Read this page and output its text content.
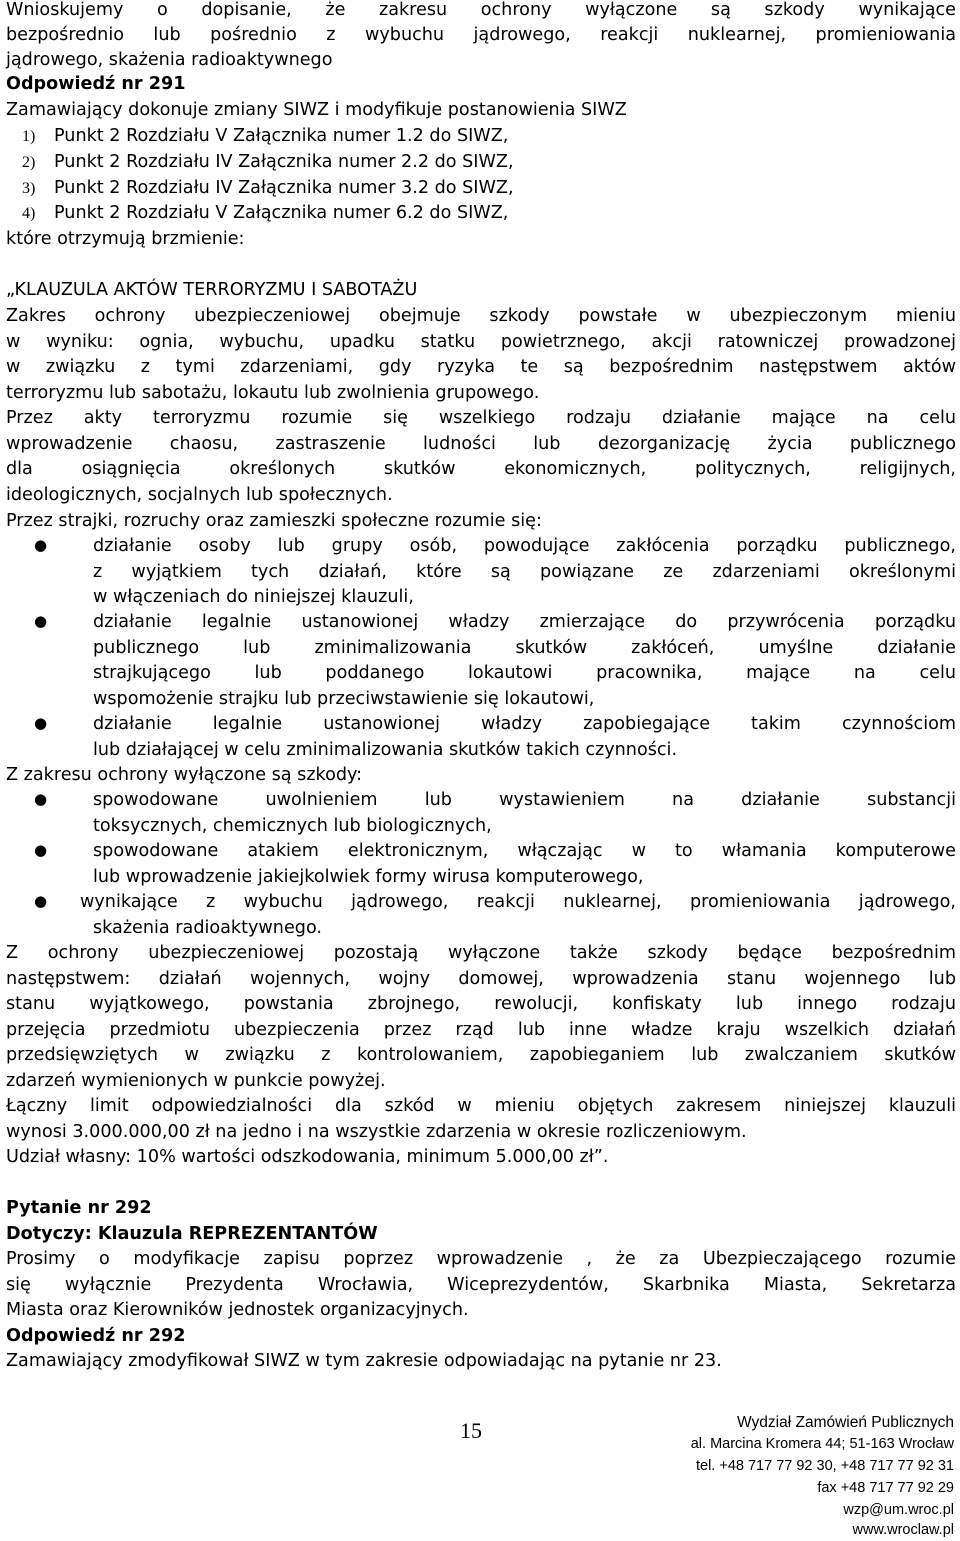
Wnioskujemy o dopisanie, że zakresu ochrony wyłączone są szkody wynikające
bezpośrednio lub pośrednio z wybuchu jądrowego, reakcji nuklearnej, promieniowania
jądrowego, skażenia radioaktywnego
Odpowiedź nr 291
Zamawiający dokonuje zmiany SIWZ i modyfikuje postanowienia SIWZ
1) Punkt 2 Rozdziału V Załącznika numer 1.2 do SIWZ,
2) Punkt 2 Rozdziału IV Załącznika numer 2.2 do SIWZ,
3) Punkt 2 Rozdziału IV Załącznika numer 3.2 do SIWZ,
4) Punkt 2 Rozdziału V Załącznika numer 6.2 do SIWZ,
które otrzymują brzmienie:
„KLAUZULA AKTÓW TERRORYZMU I SABOTAŻU
Zakres ochrony ubezpieczeniowej obejmuje szkody powstałe w ubezpieczonym mieniu
w wyniku: ognia, wybuchu, upadku statku powietrznego, akcji ratowniczej prowadzonej
w związku z tymi zdarzeniami, gdy ryzyka te są bezpośrednim następstwem aktów
terroryzmu lub sabotażu, lokautu lub zwolnienia grupowego.
Przez akty terroryzmu rozumie się wszelkiego rodzaju działanie mające na celu
wprowadzenie chaosu, zastraszenie ludności lub dezorganizację życia publicznego
dla osiągnięcia określonych skutków ekonomicznych, politycznych, religijnych,
ideologicznych, socjalnych lub społecznych.
Przez strajki, rozruchy oraz zamieszki społeczne rozumie się:
●	działanie osoby lub grupy osób, powodujące zakłócenia porządku publicznego,
z wyjątkiem tych działań, które są powiązane ze zdarzeniami określonymi
w włączeniach do niniejszej klauzuli,
●	działanie legalnie ustanowionej władzy zmierzające do przywrócenia porządku
publicznego lub zminimalizowania skutków zakłóceń, umyślne działanie
strajkującego lub poddanego lokautowi pracownika, mające na celu
wspomożenie strajku lub przeciwstawienie się lokautowi,
●	działanie legalnie ustanowionej władzy zapobiegające takim czynnościom
lub działającej w celu zminimalizowania skutków takich czynności.
Z zakresu ochrony wyłączone są szkody:
●	spowodowane uwolnieniem lub wystawieniem na działanie substancji
toksycznych, chemicznych lub biologicznych,
●	spowodowane atakiem elektronicznym, włączając w to włamania komputerowe
lub wprowadzenie jakiejkolwiek formy wirusa komputerowego,
● wynikające z wybuchu jądrowego, reakcji nuklearnej, promieniowania jądrowego,
skażenia radioaktywnego.
Z ochrony ubezpieczeniowej pozostają wyłączone także szkody będące bezpośrednim
następstwem: działań wojennych, wojny domowej, wprowadzenia stanu wojennego lub
stanu wyjątkowego, powstania zbrojnego, rewolucji, konfiskaty lub innego rodzaju
przejęcia przedmiotu ubezpieczenia przez rząd lub inne władze kraju wszelkich działań
przedsięwziętych w związku z kontrolowaniem, zapobieganiem lub zwalczaniem skutków
zdarzeń wymienionych w punkcie powyżej.
Łączny limit odpowiedzialności dla szkód w mieniu objętych zakresem niniejszej klauzuli
wynosi 3.000.000,00 zł na jedno i na wszystkie zdarzenia w okresie rozliczeniowym.
Udział własny: 10% wartości odszkodowania, minimum 5.000,00 zł”.
Pytanie nr 292
Dotyczy: Klauzula REPREZENTANTÓW
Prosimy o modyfikacje zapisu poprzez wprowadzenie , że za Ubezpieczającego rozumie
się wyłącznie Prezydenta Wrocławia, Wiceprezydentów, Skarbnika Miasta, Sekretarza
Miasta oraz Kierowników jednostek organizacyjnych.
Odpowiedź nr 292
Zamawiający zmodyfikował SIWZ w tym zakresie odpowiadając na pytanie nr 23.
15	Wydział Zamówień Publicznych
al. Marcina Kromera 44; 51-163 Wrocław
tel. +48 717 77 92 30, +48 717 77 92 31
fax +48 717 77 92 29
wzp@um.wroc.pl
www.wroclaw.pl
